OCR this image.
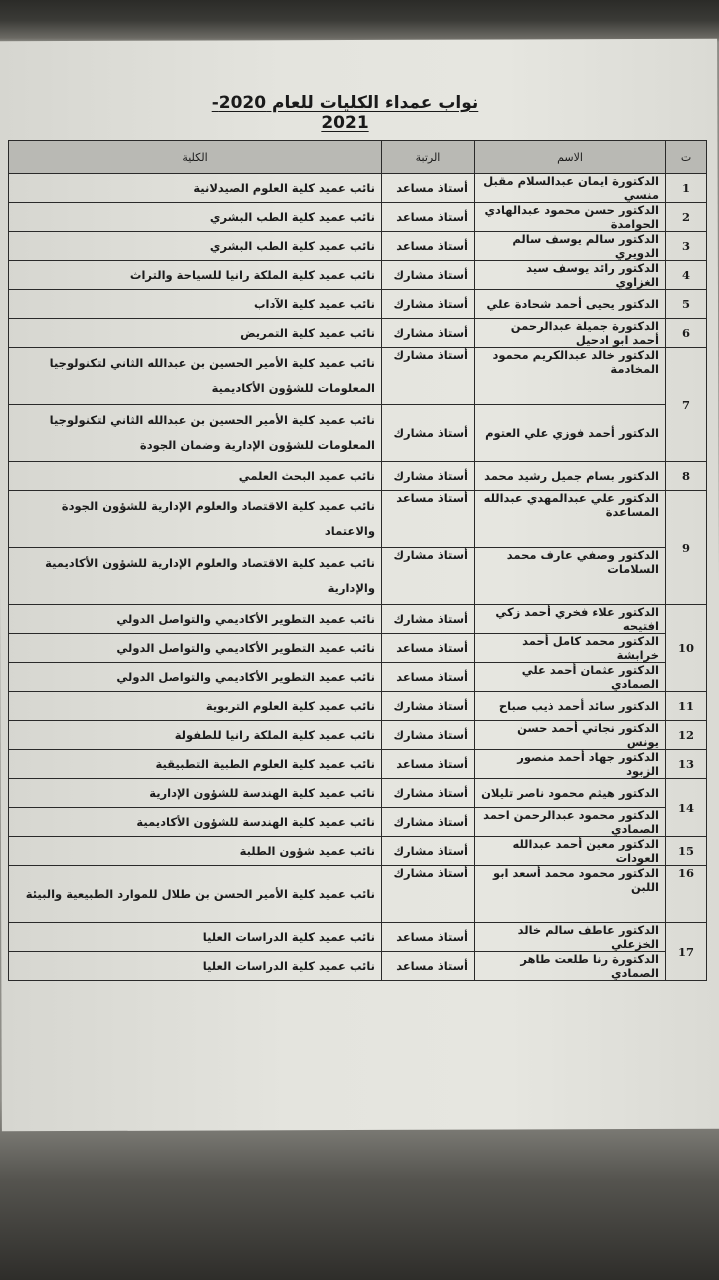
نواب عمداء الكليات للعام 2020-2021
ت	الاسم	الرتبة	الكلية
1	الدكتورة ايمان عبدالسلام مقبل منسي	أستاذ مساعد	نائب عميد كلية العلوم الصيدلانية
2	الدكتور حسن محمود عبدالهادي الحوامدة	أستاذ مساعد	نائب عميد كلية الطب البشري
3	الدكتور سالم يوسف سالم الدويري	أستاذ مساعد	نائب عميد كلية الطب البشري
4	الدكتور رائد يوسف سيد الغزاوي	أستاذ مشارك	نائب عميد كلية الملكة رانيا للسياحة والتراث
5	الدكتور يحيى أحمد شحادة علي	أستاذ مشارك	نائب عميد كلية الآداب
6	الدكتورة جميلة عبدالرحمن أحمد ابو ادحيل	أستاذ مشارك	نائب عميد كلية التمريض
7	الدكتور خالد عبدالكريم محمود المخادمة	أستاذ مشارك	نائب عميد كلية الأمير الحسين بن عبدالله الثاني لتكنولوجيا المعلومات للشؤون الأكاديمية
	الدكتور أحمد فوزي علي العتوم	أستاذ مشارك	نائب عميد كلية الأمير الحسين بن عبدالله الثاني لتكنولوجيا المعلومات للشؤون الإدارية وضمان الجودة
8	الدكتور بسام جميل رشيد محمد	أستاذ مشارك	نائب عميد البحث العلمي
9	الدكتور علي عبدالمهدي عبدالله المساعدة	أستاذ مساعد	نائب عميد كلية الاقتصاد والعلوم الإدارية للشؤون الجودة والاعتماد
	الدكتور وصفي عارف محمد السلامات	أستاذ مشارك	نائب عميد كلية الاقتصاد والعلوم الإدارية للشؤون الأكاديمية والإدارية
10	الدكتور علاء فخري أحمد زكي افتيحه	أستاذ مشارك	نائب عميد التطوير الأكاديمي والتواصل الدولي
	الدكتور محمد كامل أحمد خرابشة	أستاذ مساعد	نائب عميد التطوير الأكاديمي والتواصل الدولي
	الدكتور عثمان أحمد علي الصمادي	أستاذ مساعد	نائب عميد التطوير الأكاديمي والتواصل الدولي
11	الدكتور سائد أحمد ذيب صباح	أستاذ مشارك	نائب عميد كلية العلوم التربوية
12	الدكتور نجاتي أحمد حسن يونس	أستاذ مشارك	نائب عميد كلية الملكة رانيا للطفولة
13	الدكتور جهاد أحمد منصور الزبود	أستاذ مساعد	نائب عميد كلية العلوم الطبية التطبيقية
14	الدكتور هيثم محمود ناصر تليلان	أستاذ مشارك	نائب عميد كلية الهندسة للشؤون الإدارية
	الدكتور محمود عبدالرحمن احمد الصمادي	أستاذ مشارك	نائب عميد كلية الهندسة للشؤون الأكاديمية
15	الدكتور معين أحمد عبدالله العودات	أستاذ مشارك	نائب عميد شؤون الطلبة
16	الدكتور محمود محمد أسعد ابو اللبن	أستاذ مشارك	نائب عميد كلية الأمير الحسن بن طلال للموارد الطبيعية والبيئة
17	الدكتور عاطف سالم خالد الخزعلي	أستاذ مساعد	نائب عميد كلية الدراسات العليا
	الدكتورة رنا طلعت طاهر الصمادي	أستاذ مساعد	نائب عميد كلية الدراسات العليا
